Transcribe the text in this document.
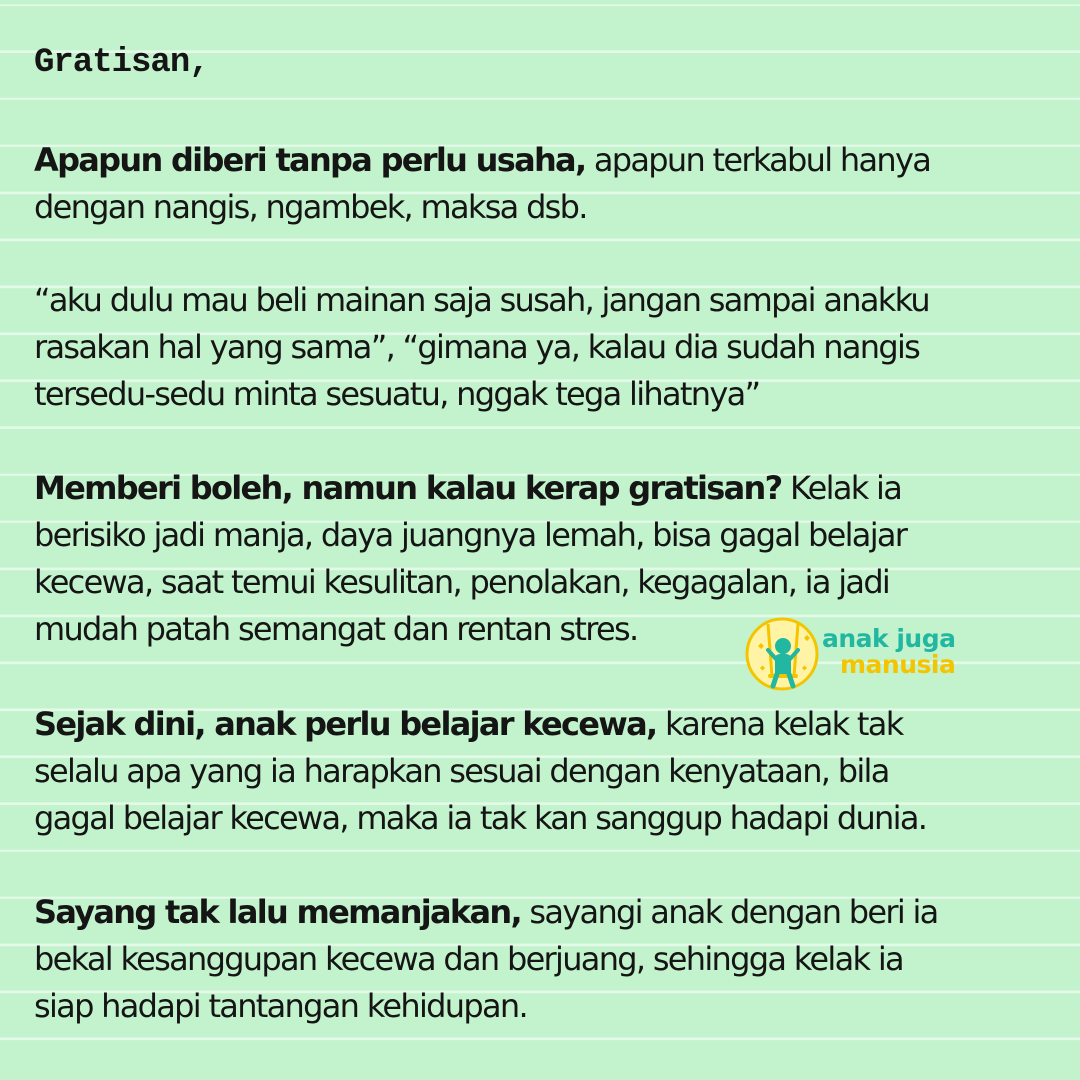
Gratisan,

Apapun diberi tanpa perlu usaha, apapun terkabul hanya
dengan nangis, ngambek, maksa dsb.

“aku dulu mau beli mainan saja susah, jangan sampai anakku
rasakan hal yang sama”, “gimana ya, kalau dia sudah nangis
tersedu-sedu minta sesuatu, nggak tega lihatnya”

Memberi boleh, namun kalau kerap gratisan? Kelak ia
berisiko jadi manja, daya juangnya lemah, bisa gagal belajar
kecewa, saat temui kesulitan, penolakan, kegagalan, ia jadi
mudah patah semangat dan rentan stres.

Sejak dini, anak perlu belajar kecewa, karena kelak tak
selalu apa yang ia harapkan sesuai dengan kenyataan, bila
gagal belajar kecewa, maka ia tak kan sanggup hadapi dunia.

Sayang tak lalu memanjakan, sayangi anak dengan beri ia
bekal kesanggupan kecewa dan berjuang, sehingga kelak ia
siap hadapi tantangan kehidupan.

anak juga
manusia
